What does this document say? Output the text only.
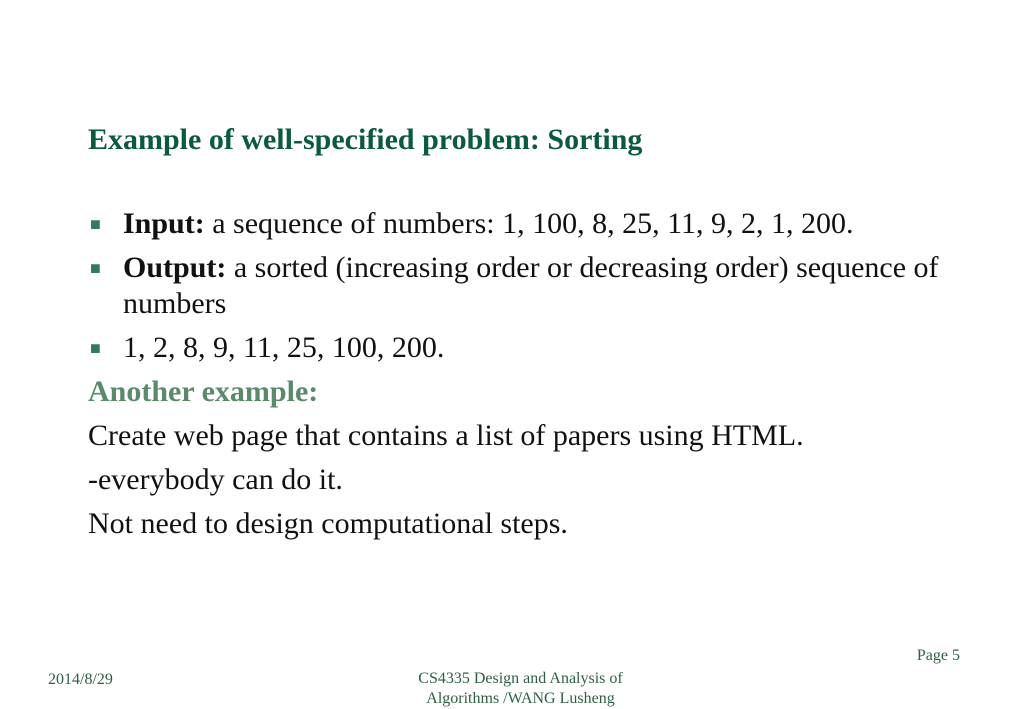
Example of well-specified problem: Sorting
■ Input: a sequence of numbers: 1, 100, 8, 25, 11, 9, 2, 1, 200.
■ Output: a sorted (increasing order or decreasing order) sequence of numbers
■ 1, 2, 8, 9, 11, 25, 100, 200.
Another example:
Create web page that contains a list of papers using HTML.
-everybody can do it.
Not need to design computational steps.
Page 5
2014/8/29	CS4335 Design and Analysis of Algorithms /WANG Lusheng
